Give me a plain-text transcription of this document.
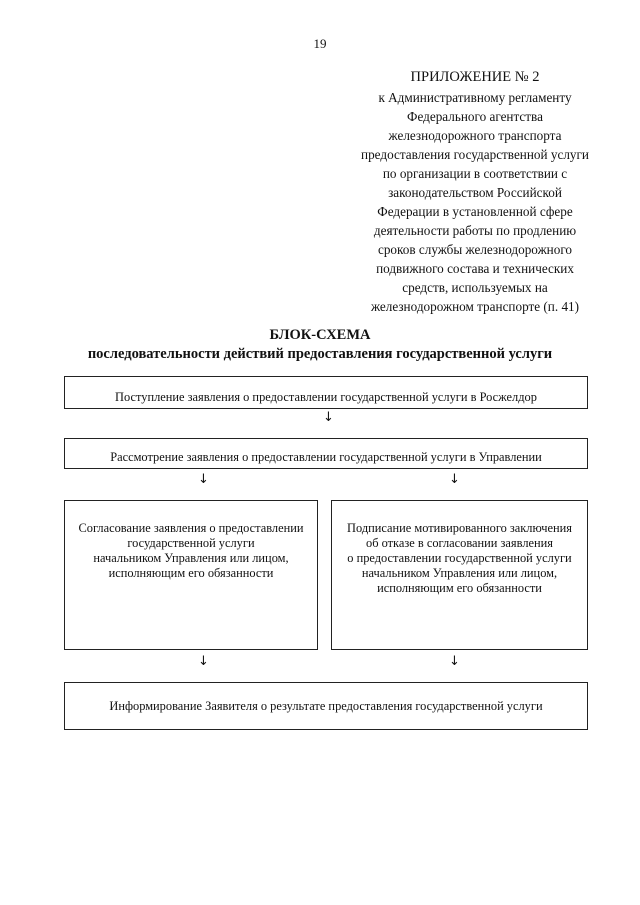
19
ПРИЛОЖЕНИЕ № 2
к Административному регламенту
Федерального агентства
железнодорожного транспорта
предоставления государственной услуги
по организации в соответствии с
законодательством Российской
Федерации в установленной сфере
деятельности работы по продлению
сроков службы железнодорожного
подвижного состава и технических
средств, используемых на
железнодорожном транспорте (п. 41)
БЛОК-СХЕМА
последовательности действий предоставления государственной услуги
Поступление заявления о предоставлении государственной услуги в Росжелдор
↓
Рассмотрение заявления о предоставлении государственной услуги в Управлении
↓	↓
Согласование заявления о предоставлении
государственной услуги
начальником Управления или лицом,
исполняющим его обязанности
Подписание мотивированного заключения
об отказе в согласовании заявления
о предоставлении государственной услуги
начальником Управления или лицом,
исполняющим его обязанности
↓	↓
Информирование Заявителя о результате предоставления государственной услуги
